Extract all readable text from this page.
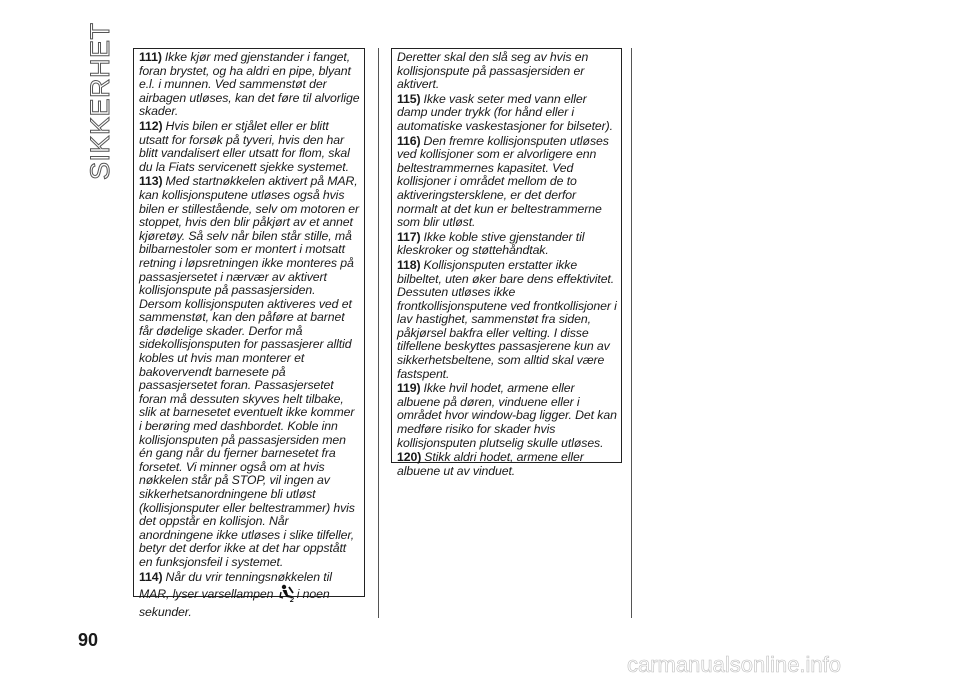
SIKKERHET 111) Ikke kjør med gjenstander i fanget, foran brystet, og ha aldri en pipe, blyant e.l. i munnen. Ved sammenstøt der airbagen utløses, kan det føre til alvorlige skader.

112) Hvis bilen er stjålet eller er blitt utsatt for forsøk på tyveri, hvis den har blitt vandalisert eller utsatt for flom, skal du la Fiats servicenett sjekke systemet.

113) Med startnøkkelen aktivert på MAR, kan kollisjonsputene utløses også hvis bilen er stillestående, selv om motoren er stoppet, hvis den blir påkjørt av et annet kjøretøy. Så selv når bilen står stille, må bilbarnestoler som er montert i motsatt retning i løpsretningen ikke monteres på passasjersetet i nærvær av aktivert kollisjonspute på passasjersiden. Dersom kollisjonsputen aktiveres ved et sammenstøt, kan den påføre at barnet får dødelige skader. Derfor må sidekollisjonsputen for passasjerer alltid kobles ut hvis man monterer et bakovervendt barnesete på passasjersetet foran. Passasjersetet foran må dessuten skyves helt tilbake, slik at barnesetet eventuelt ikke kommer i berøring med dashbordet. Koble inn kollisjonsputen på passasjersiden men én gang når du fjerner barnesetet fra forsetet. Vi minner også om at hvis nøkkelen står på STOP, vil ingen av sikkerhetsanordningene bli utløst (kollisjonsputer eller beltestrammer) hvis det oppstår en kollisjon. Når anordningene ikke utløses i slike tilfeller, betyr det derfor ikke at det har oppstått en funksjonsfeil i systemet.

114) Når du vrir tenningsnøkkelen til MAR, lyser varsellampen 2 i noen sekunder.

Deretter skal den slå seg av hvis en kollisjonspute på passasjersiden er aktivert.

115) Ikke vask seter med vann eller damp under trykk (for hånd eller i automatiske vaskestasjoner for bilseter).

116) Den fremre kollisjonsputen utløses ved kollisjoner som er alvorligere enn beltestrammernes kapasitet. Ved kollisjoner i området mellom de to aktiveringstersklene, er det derfor normalt at det kun er beltestrammerne som blir utløst.

117) Ikke koble stive gjenstander til kleskroker og støttehåndtak.

118) Kollisjonsputen erstatter ikke bilbeltet, uten øker bare dens effektivitet. Dessuten utløses ikke frontkollisjonsputene ved frontkollisjoner i lav hastighet, sammenstøt fra siden, påkjørsel bakfra eller velting. I disse tilfellene beskyttes passasjerene kun av sikkerhetsbeltene, som alltid skal være fastspent.

119) Ikke hvil hodet, armene eller albuene på døren, vinduene eller i området hvor window-bag ligger. Det kan medføre risiko for skader hvis kollisjonsputen plutselig skulle utløses.

120) Stikk aldri hodet, armene eller albuene ut av vinduet.

90
carmanualsonline.info
